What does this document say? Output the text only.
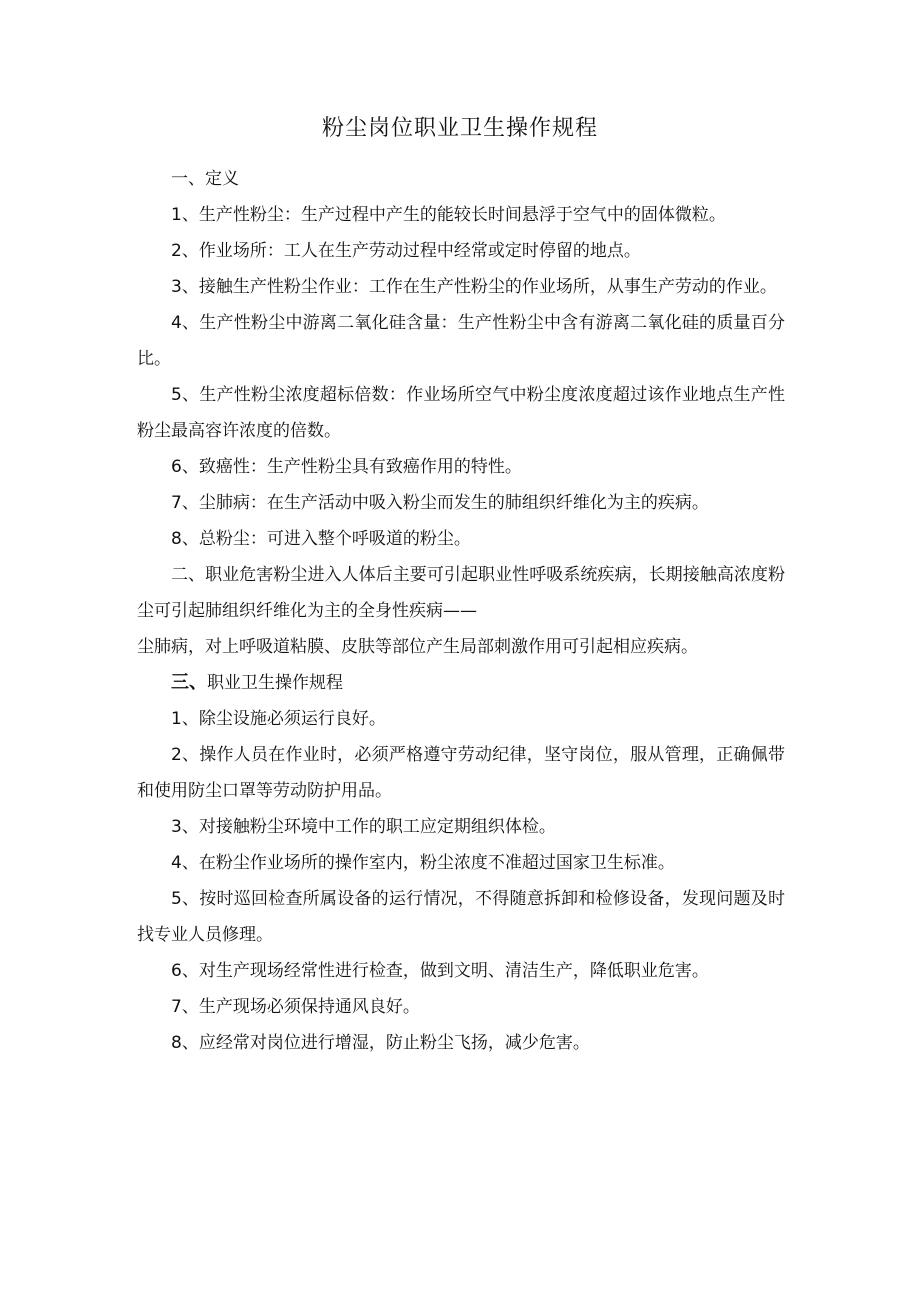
粉尘岗位职业卫生操作规程

一、定义

1、生产性粉尘：生产过程中产生的能较长时间悬浮于空气中的固体微粒。

2、作业场所：工人在生产劳动过程中经常或定时停留的地点。

3、接触生产性粉尘作业：工作在生产性粉尘的作业场所，从事生产劳动的作业。

4、生产性粉尘中游离二氧化硅含量：生产性粉尘中含有游离二氧化硅的质量百分比。

5、生产性粉尘浓度超标倍数：作业场所空气中粉尘度浓度超过该作业地点生产性粉尘最高容许浓度的倍数。

6、致癌性：生产性粉尘具有致癌作用的特性。

7、尘肺病：在生产活动中吸入粉尘而发生的肺组织纤维化为主的疾病。

8、总粉尘：可进入整个呼吸道的粉尘。

二、职业危害粉尘进入人体后主要可引起职业性呼吸系统疾病，长期接触高浓度粉尘可引起肺组织纤维化为主的全身性疾病——

尘肺病，对上呼吸道粘膜、皮肤等部位产生局部刺激作用可引起相应疾病。

三、职业卫生操作规程

1、除尘设施必须运行良好。

2、操作人员在作业时，必须严格遵守劳动纪律，坚守岗位，服从管理，正确佩带和使用防尘口罩等劳动防护用品。

3、对接触粉尘环境中工作的职工应定期组织体检。

4、在粉尘作业场所的操作室内，粉尘浓度不准超过国家卫生标准。

5、按时巡回检查所属设备的运行情况，不得随意拆卸和检修设备，发现问题及时找专业人员修理。

6、对生产现场经常性进行检查，做到文明、清洁生产，降低职业危害。

7、生产现场必须保持通风良好。

8、应经常对岗位进行增湿，防止粉尘飞扬，减少危害。
